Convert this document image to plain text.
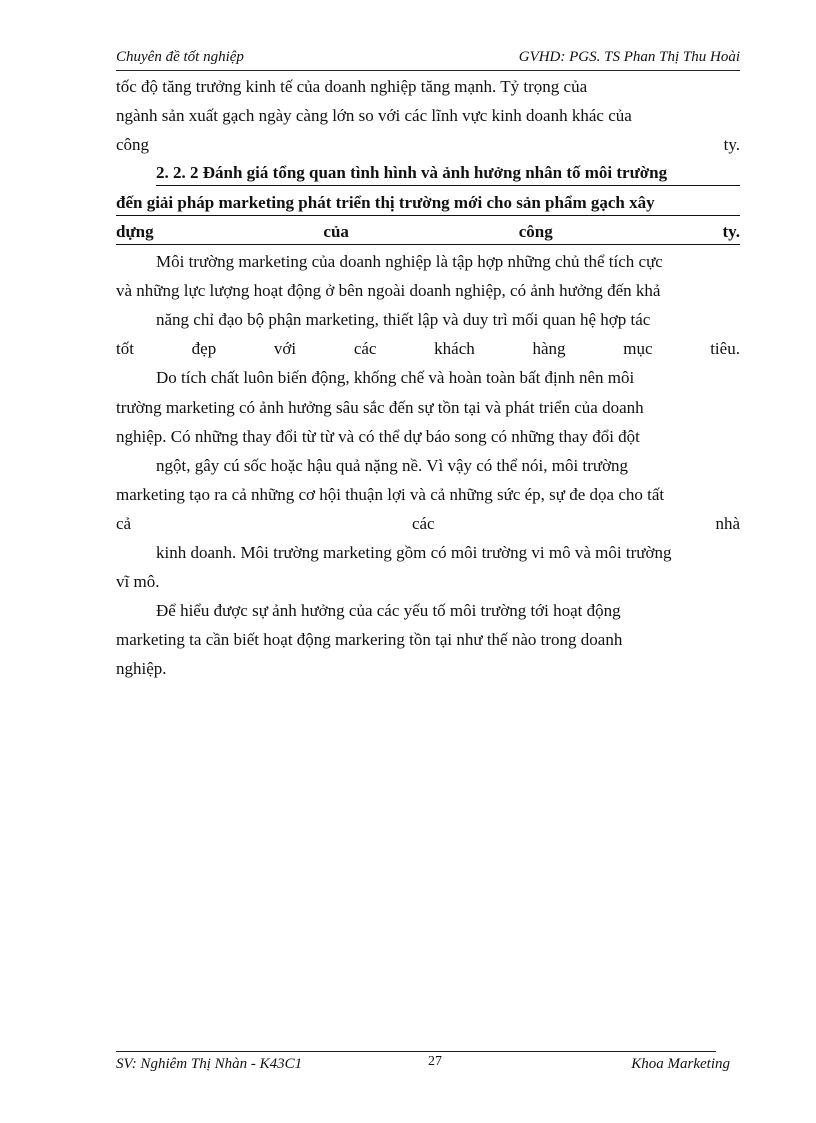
Chuyên đề tốt nghiệp	GVHD: PGS. TS Phan Thị Thu Hoài
tốc độ tăng trưởng kinh tế của doanh nghiệp tăng mạnh. Tỷ trọng của
ngành sản xuất gạch ngày càng lớn so với các lĩnh vực kinh doanh khác của
công	ty.
2. 2. 2 Đánh giá tổng quan tình hình và ảnh hưởng nhân tố môi trường
đến giải pháp marketing phát triển thị trường mới cho sản phẩm gạch xây
dựng	của	công	ty.
Môi trường marketing của doanh nghiệp là tập hợp những chủ thể tích cực
và những lực lượng hoạt động ở bên ngoài doanh nghiệp, có ảnh hưởng đến khả
năng chỉ đạo bộ phận marketing, thiết lập và duy trì mối quan hệ hợp tác
tốt	đẹp	với	các	khách	hàng	mục	tiêu.
Do tích chất luôn biến động, khống chế và hoàn toàn bất định nên môi
trường marketing có ảnh hưởng sâu sắc đến sự tồn tại và phát triển của doanh
nghiệp. Có những thay đổi từ từ và có thể dự báo song có những thay đổi đột
ngột, gây cú sốc hoặc hậu quả nặng nề. Vì vậy có thể nói, môi trường
marketing tạo ra cả những cơ hội thuận lợi và cả những sức ép, sự đe dọa cho tất
cả	các	nhà
kinh doanh. Môi trường marketing gồm có môi trường vi mô và môi trường
vĩ mô.
Để hiểu được sự ảnh hưởng của các yếu tố môi trường tới hoạt động
marketing ta cần biết hoạt động markering tồn tại như thế nào trong doanh
nghiệp.
SV: Nghiêm Thị Nhàn - K43C1	27	Khoa Marketing
